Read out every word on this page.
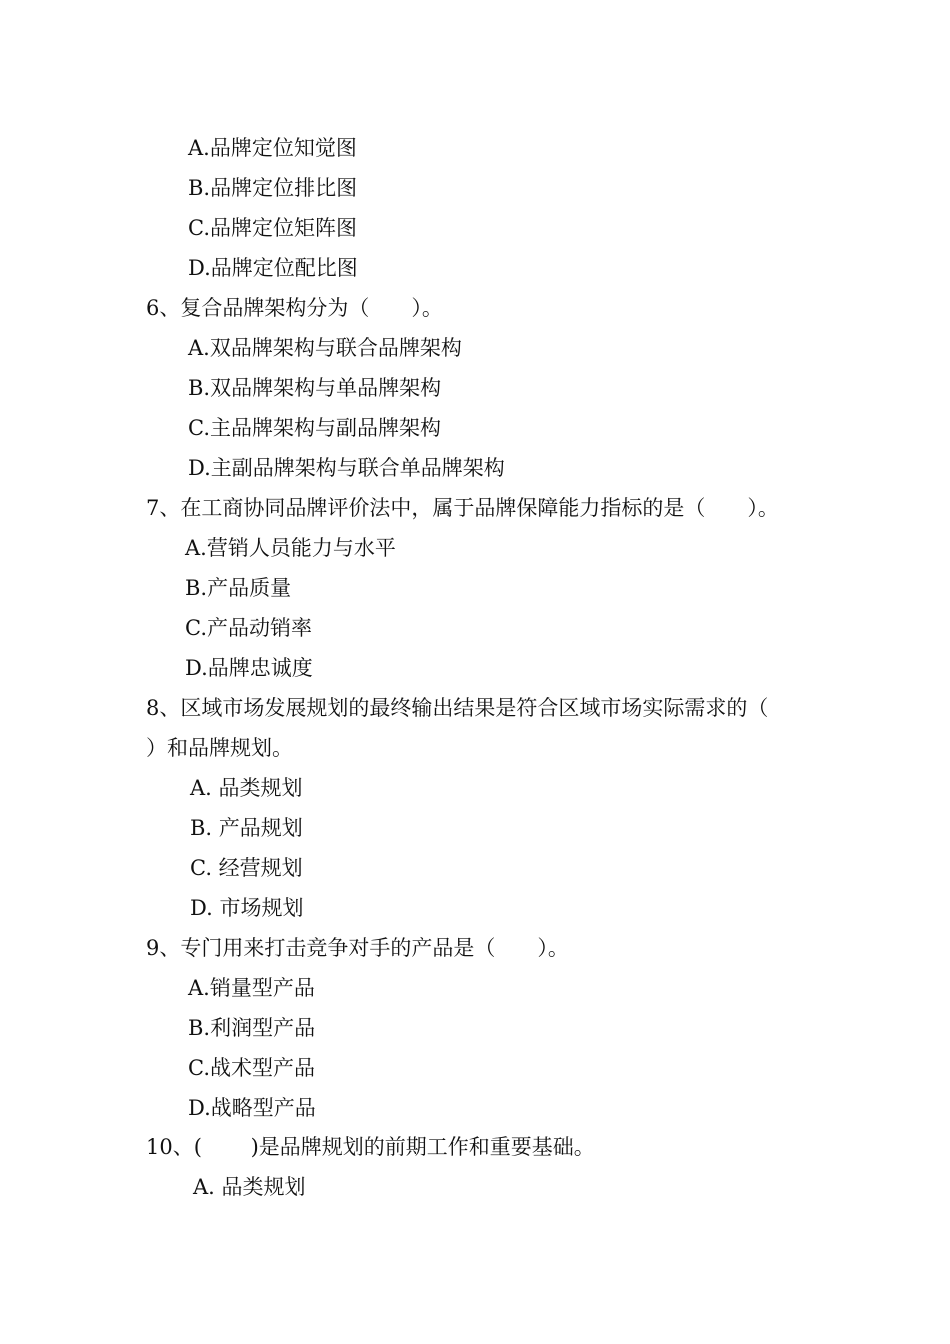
A.品牌定位知觉图
B.品牌定位排比图
C.品牌定位矩阵图
D.品牌定位配比图
6、复合品牌架构分为（　　）。
A.双品牌架构与联合品牌架构
B.双品牌架构与单品牌架构
C.主品牌架构与副品牌架构
D.主副品牌架构与联合单品牌架构
7、在工商协同品牌评价法中，属于品牌保障能力指标的是（　　）。
A.营销人员能力与水平
B.产品质量
C.产品动销率
D.品牌忠诚度
8、区域市场发展规划的最终输出结果是符合区域市场实际需求的（
）和品牌规划。
A. 品类规划
B. 产品规划
C. 经营规划
D. 市场规划
9、专门用来打击竞争对手的产品是（　　）。
A.销量型产品
B.利润型产品
C.战术型产品
D.战略型产品
10、(　　 )是品牌规划的前期工作和重要基础。
A. 品类规划
